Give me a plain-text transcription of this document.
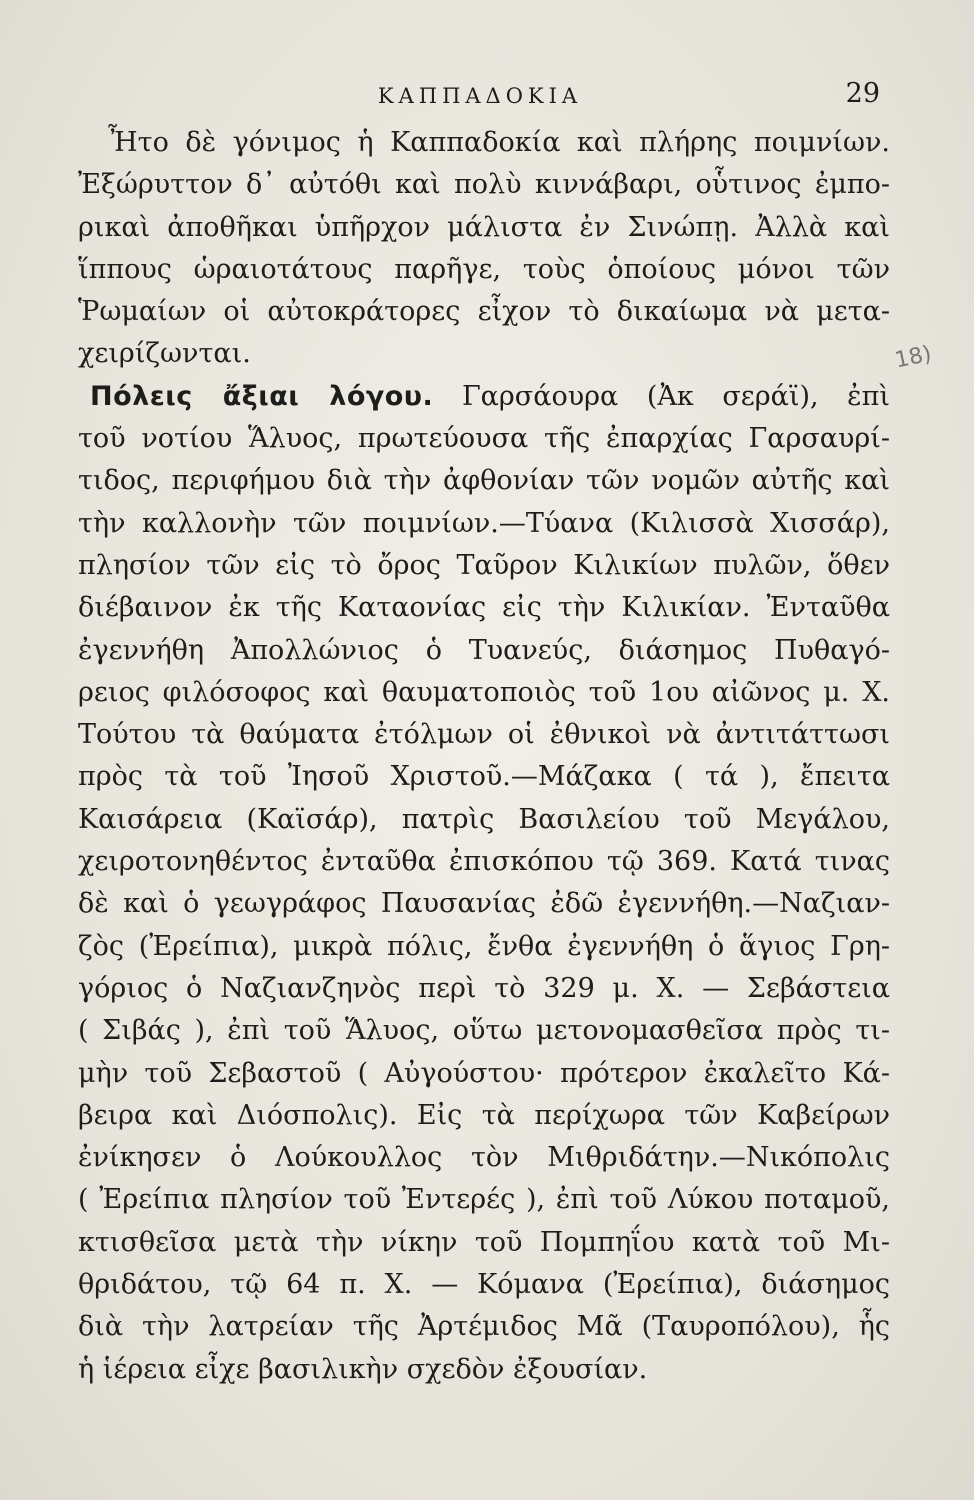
ΚΑΠΠΑΔΟΚΙΑ	29
18)
Ἦτο δὲ γόνιμος ἡ Καππαδοκία καὶ πλήρης ποιμνίων.
Ἐξώρυττον δ᾽ αὐτόθι καὶ πολὺ κιννάβαρι, οὗτινος ἐμπο-
ρικαὶ ἀποθῆκαι ὑπῆρχον μάλιστα ἐν Σινώπῃ. Ἀλλὰ καὶ
ἵππους ὡραιοτάτους παρῆγε, τοὺς ὁποίους μόνοι τῶν
Ῥωμαίων οἱ αὐτοκράτορες εἶχον τὸ δικαίωμα νὰ μετα-
χειρίζωνται.
Πόλεις ἄξιαι λόγου. Γαρσάουρα (Ἀκ σεράϊ), ἐπὶ
τοῦ νοτίου Ἅλυος, πρωτεύουσα τῆς ἐπαρχίας Γαρσαυρί-
τιδος, περιφήμου διὰ τὴν ἀφθονίαν τῶν νομῶν αὐτῆς καὶ
τὴν καλλονὴν τῶν ποιμνίων.—Τύανα (Κιλισσὰ Χισσάρ),
πλησίον τῶν εἰς τὸ ὄρος Ταῦρον Κιλικίων πυλῶν, ὅθεν
διέβαινον ἐκ τῆς Καταονίας εἰς τὴν Κιλικίαν. Ἐνταῦθα
ἐγεννήθη Ἀπολλώνιος ὁ Τυανεύς, διάσημος Πυθαγό-
ρειος φιλόσοφος καὶ θαυματοποιὸς τοῦ 1ου αἰῶνος μ. Χ.
Τούτου τὰ θαύματα ἐτόλμων οἱ ἐθνικοὶ νὰ ἀντιτάττωσι
πρὸς τὰ τοῦ Ἰησοῦ Χριστοῦ.—Μάζακα ( τά ), ἔπειτα
Καισάρεια (Καϊσάρ), πατρὶς Βασιλείου τοῦ Μεγάλου,
χειροτονηθέντος ἐνταῦθα ἐπισκόπου τῷ 369. Κατά τινας
δὲ καὶ ὁ γεωγράφος Παυσανίας ἐδῶ ἐγεννήθη.—Ναζιαν-
ζὸς (Ἐρείπια), μικρὰ πόλις, ἔνθα ἐγεννήθη ὁ ἅγιος Γρη-
γόριος ὁ Ναζιανζηνὸς περὶ τὸ 329 μ. Χ. — Σεβάστεια
( Σιβάς ), ἐπὶ τοῦ Ἅλυος, οὕτω μετονομασθεῖσα πρὸς τι-
μὴν τοῦ Σεβαστοῦ ( Αὐγούστου· πρότερον ἐκαλεῖτο Κά-
βειρα καὶ Διόσπολις). Εἰς τὰ περίχωρα τῶν Καβείρων
ἐνίκησεν ὁ Λούκουλλος τὸν Μιθριδάτην.—Νικόπολις
( Ἐρείπια πλησίον τοῦ Ἐντερές ), ἐπὶ τοῦ Λύκου ποταμοῦ,
κτισθεῖσα μετὰ τὴν νίκην τοῦ Πομπηΐου κατὰ τοῦ Μι-
θριδάτου, τῷ 64 π. Χ. — Κόμανα (Ἐρείπια), διάσημος
διὰ τὴν λατρείαν τῆς Ἀρτέμιδος Μᾶ (Ταυροπόλου), ἧς
ἡ ἱέρεια εἶχε βασιλικὴν σχεδὸν ἐξουσίαν.
